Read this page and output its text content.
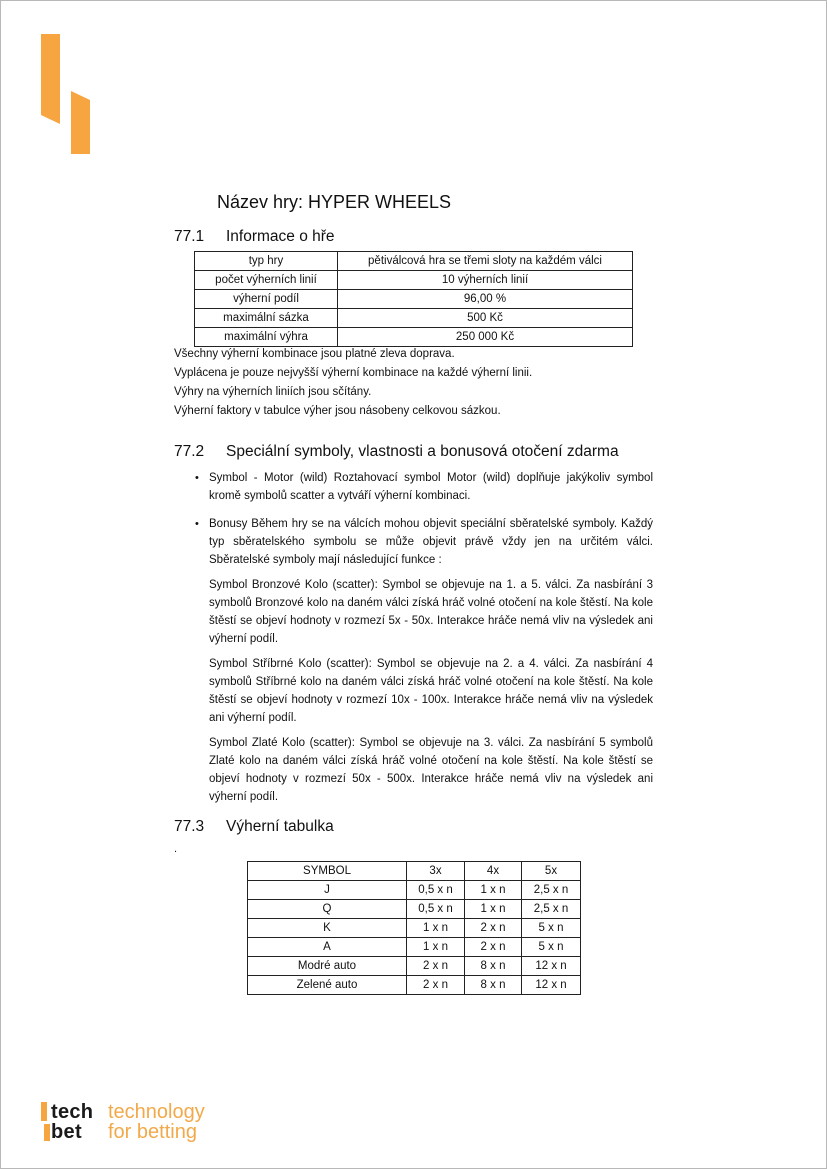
Název hry: HYPER WHEELS
77.1 Informace o hře
typ hry	pětiválcová hra se třemi sloty na každém válci
počet výherních linií	10 výherních linií
výherní podíl	96,00 %
maximální sázka	500 Kč
maximální výhra	250 000 Kč
Všechny výherní kombinace jsou platné zleva doprava.
Vyplácena je pouze nejvyšší výherní kombinace na každé výherní linii.
Výhry na výherních liniích jsou sčítány.
Výherní faktory v tabulce výher jsou násobeny celkovou sázkou.
77.2 Speciální symboly, vlastnosti a bonusová otočení zdarma
• Symbol - Motor (wild) Roztahovací symbol Motor (wild) doplňuje jakýkoliv symbol kromě symbolů scatter a vytváří výherní kombinaci.
• Bonusy Během hry se na válcích mohou objevit speciální sběratelské symboly. Každý typ sběratelského symbolu se může objevit právě vždy jen na určitém válci. Sběratelské symboly mají následující funkce :
Symbol Bronzové Kolo (scatter): Symbol se objevuje na 1. a 5. válci. Za nasbírání 3 symbolů Bronzové kolo na daném válci získá hráč volné otočení na kole štěstí. Na kole štěstí se objeví hodnoty v rozmezí 5x - 50x. Interakce hráče nemá vliv na výsledek ani výherní podíl.
Symbol Stříbrné Kolo (scatter): Symbol se objevuje na 2. a 4. válci. Za nasbírání 4 symbolů Stříbrné kolo na daném válci získá hráč volné otočení na kole štěstí. Na kole štěstí se objeví hodnoty v rozmezí 10x - 100x. Interakce hráče nemá vliv na výsledek ani výherní podíl.
Symbol Zlaté Kolo (scatter): Symbol se objevuje na 3. válci. Za nasbírání 5 symbolů Zlaté kolo na daném válci získá hráč volné otočení na kole štěstí. Na kole štěstí se objeví hodnoty v rozmezí 50x - 500x. Interakce hráče nemá vliv na výsledek ani výherní podíl.
77.3 Výherní tabulka
.
SYMBOL	3x	4x	5x
J	0,5 x n	1 x n	2,5 x n
Q	0,5 x n	1 x n	2,5 x n
K	1 x n	2 x n	5 x n
A	1 x n	2 x n	5 x n
Modré auto	2 x n	8 x n	12 x n
Zelené auto	2 x n	8 x n	12 x n
tech
bet
technology
for betting
